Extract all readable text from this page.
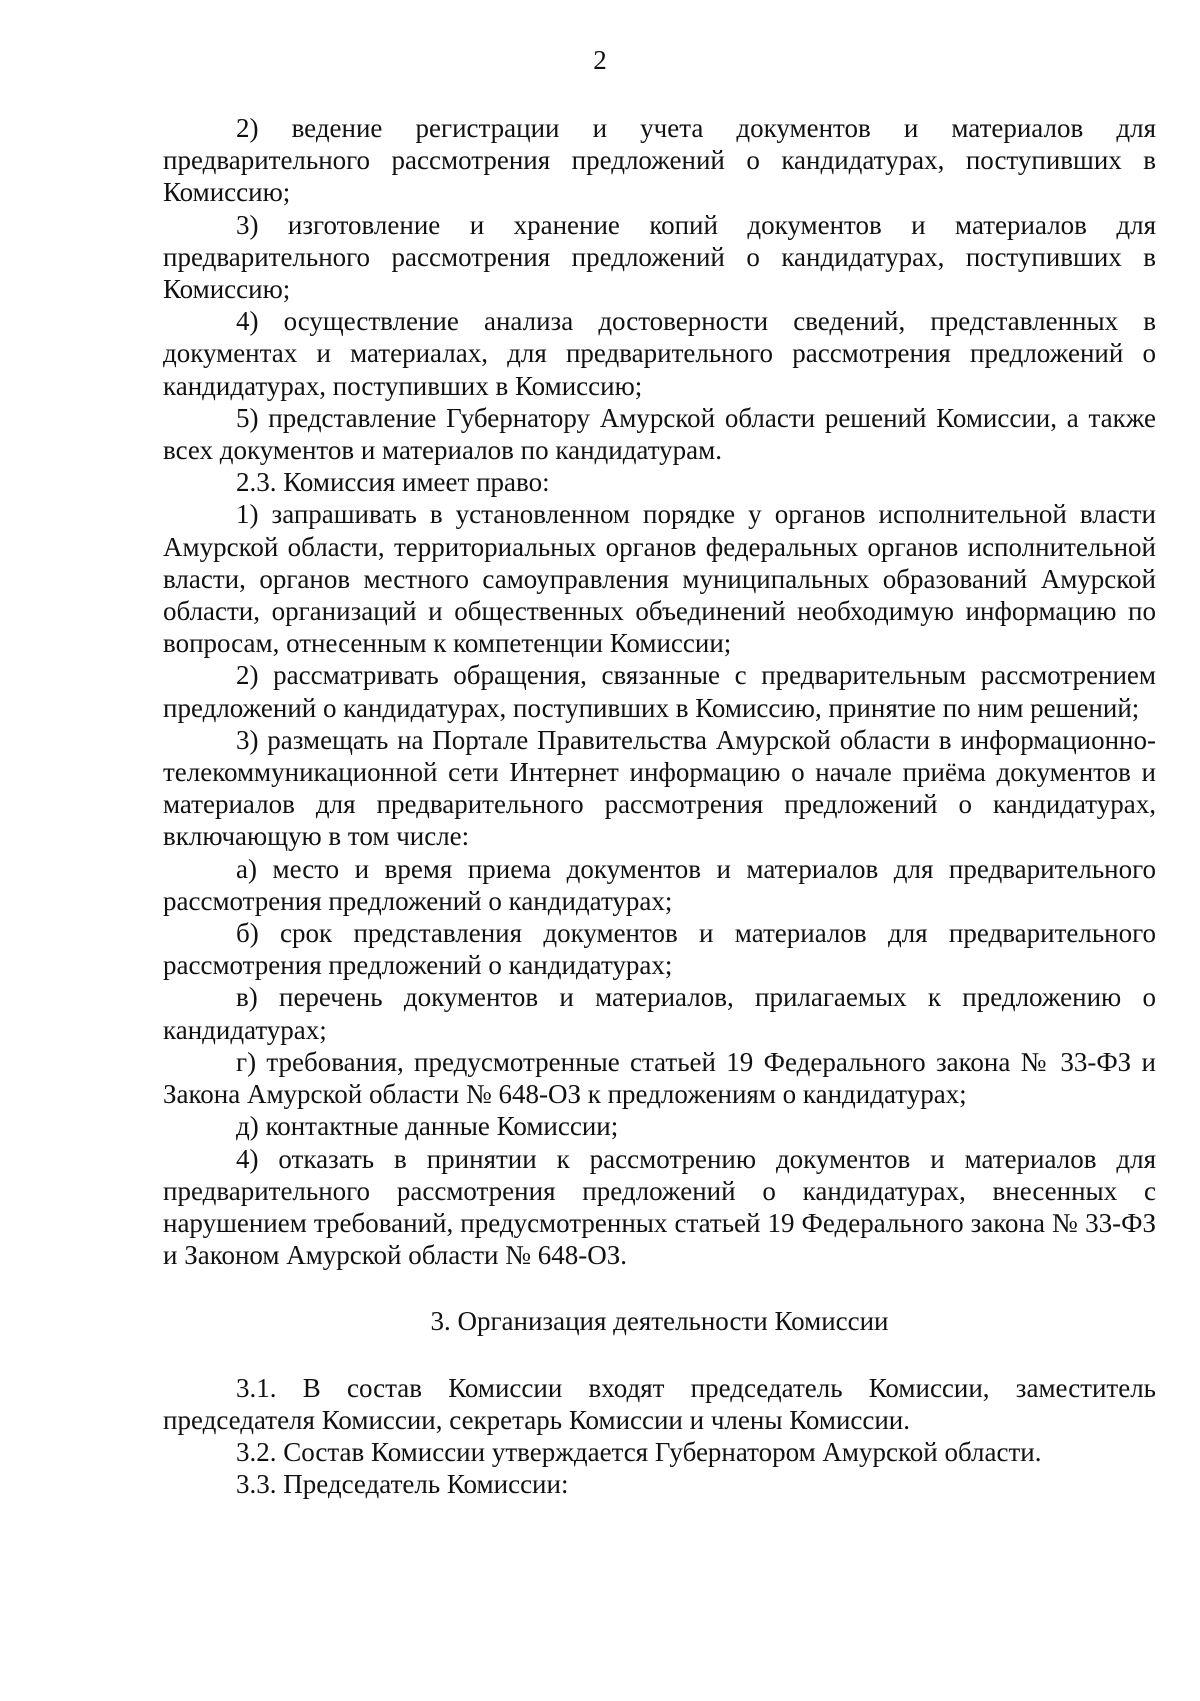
2

2) ведение регистрации и учета документов и материалов для предварительного рассмотрения предложений о кандидатурах, поступивших в Комиссию;

3) изготовление и хранение копий документов и материалов для предварительного рассмотрения предложений о кандидатурах, поступивших в Комиссию;

4) осуществление анализа достоверности сведений, представленных в документах и материалах, для предварительного рассмотрения предложений о кандидатурах, поступивших в Комиссию;

5) представление Губернатору Амурской области решений Комиссии, а также всех документов и материалов по кандидатурам.

2.3. Комиссия имеет право:

1) запрашивать в установленном порядке у органов исполнительной власти Амурской области, территориальных органов федеральных органов исполнительной власти, органов местного самоуправления муниципальных образований Амурской области, организаций и общественных объединений необходимую информацию по вопросам, отнесенным к компетенции Комиссии;

2) рассматривать обращения, связанные с предварительным рассмотрением предложений о кандидатурах, поступивших в Комиссию, принятие по ним решений;

3) размещать на Портале Правительства Амурской области в информационно-телекоммуникационной сети Интернет информацию о начале приёма документов и материалов для предварительного рассмотрения предложений о кандидатурах, включающую в том числе:

а) место и время приема документов и материалов для предварительного рассмотрения предложений о кандидатурах;

б) срок представления документов и материалов для предварительного рассмотрения предложений о кандидатурах;

в) перечень документов и материалов, прилагаемых к предложению о кандидатурах;

г) требования, предусмотренные статьей 19 Федерального закона № 33-ФЗ и Закона Амурской области № 648-ОЗ к предложениям о кандидатурах;

д) контактные данные Комиссии;

4) отказать в принятии к рассмотрению документов и материалов для предварительного рассмотрения предложений о кандидатурах, внесенных с нарушением требований, предусмотренных статьей 19 Федерального закона № 33-ФЗ и Законом Амурской области № 648-ОЗ.

3. Организация деятельности Комиссии

3.1. В состав Комиссии входят председатель Комиссии, заместитель председателя Комиссии, секретарь Комиссии и члены Комиссии.

3.2. Состав Комиссии утверждается Губернатором Амурской области.

3.3. Председатель Комиссии:
